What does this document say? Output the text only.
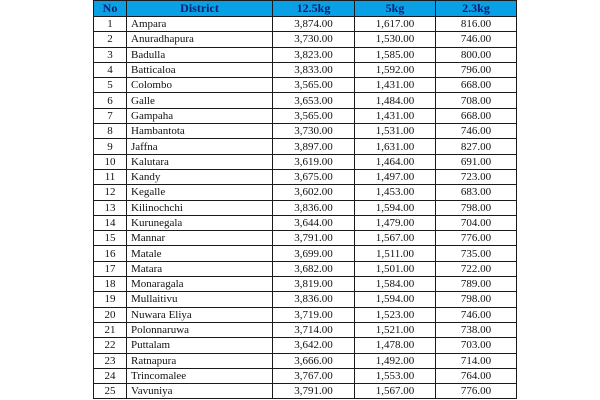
No	District	12.5kg	5kg	2.3kg
1	Ampara	3,874.00	1,617.00	816.00
2	Anuradhapura	3,730.00	1,530.00	746.00
3	Badulla	3,823.00	1,585.00	800.00
4	Batticaloa	3,833.00	1,592.00	796.00
5	Colombo	3,565.00	1,431.00	668.00
6	Galle	3,653.00	1,484.00	708.00
7	Gampaha	3,565.00	1,431.00	668.00
8	Hambantota	3,730.00	1,531.00	746.00
9	Jaffna	3,897.00	1,631.00	827.00
10	Kalutara	3,619.00	1,464.00	691.00
11	Kandy	3,675.00	1,497.00	723.00
12	Kegalle	3,602.00	1,453.00	683.00
13	Kilinochchi	3,836.00	1,594.00	798.00
14	Kurunegala	3,644.00	1,479.00	704.00
15	Mannar	3,791.00	1,567.00	776.00
16	Matale	3,699.00	1,511.00	735.00
17	Matara	3,682.00	1,501.00	722.00
18	Monaragala	3,819.00	1,584.00	789.00
19	Mullaitivu	3,836.00	1,594.00	798.00
20	Nuwara Eliya	3,719.00	1,523.00	746.00
21	Polonnaruwa	3,714.00	1,521.00	738.00
22	Puttalam	3,642.00	1,478.00	703.00
23	Ratnapura	3,666.00	1,492.00	714.00
24	Trincomalee	3,767.00	1,553.00	764.00
25	Vavuniya	3,791.00	1,567.00	776.00
